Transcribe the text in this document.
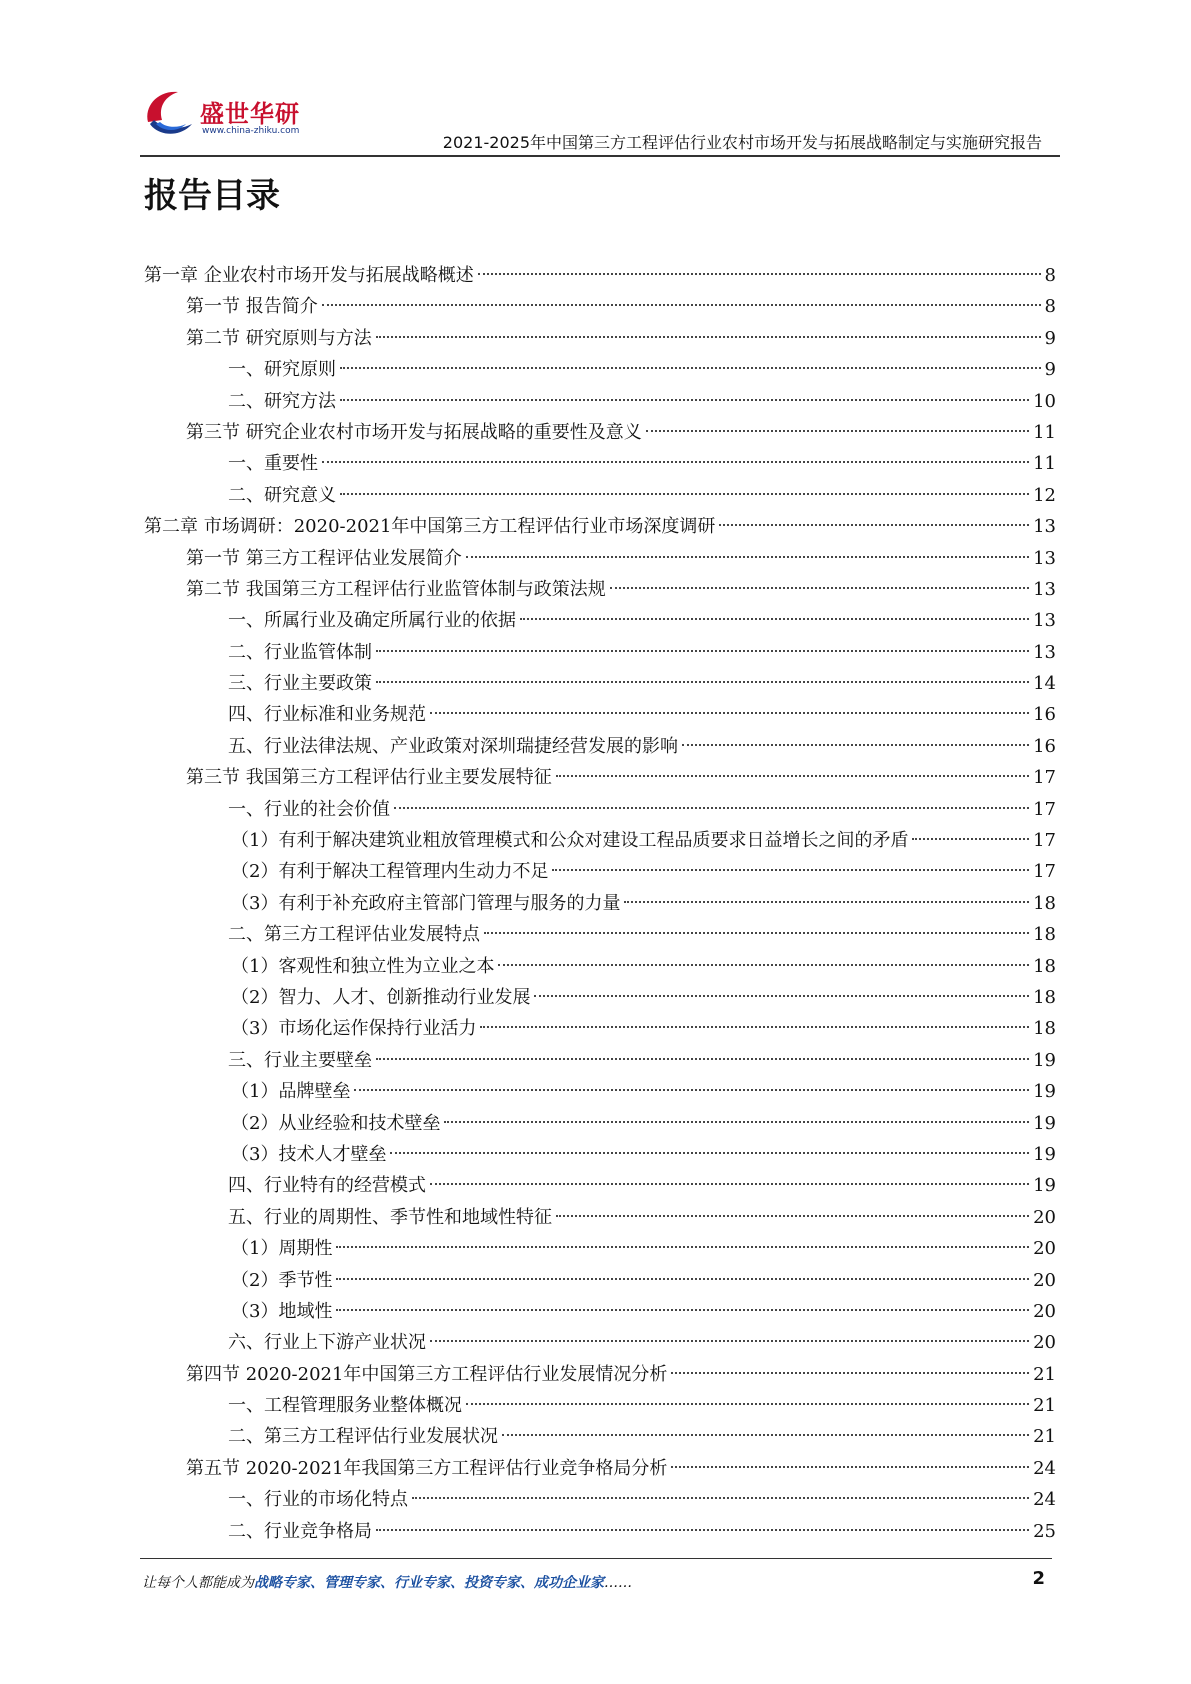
盛世华研
www.china-zhiku.com
2021-2025年中国第三方工程评估行业农村市场开发与拓展战略制定与实施研究报告
报告目录
第一章 企业农村市场开发与拓展战略概述	8
第一节 报告简介	8
第二节 研究原则与方法	9
一、研究原则	9
二、研究方法	10
第三节 研究企业农村市场开发与拓展战略的重要性及意义	11
一、重要性	11
二、研究意义	12
第二章 市场调研：2020-2021年中国第三方工程评估行业市场深度调研	13
第一节 第三方工程评估业发展简介	13
第二节 我国第三方工程评估行业监管体制与政策法规	13
一、所属行业及确定所属行业的依据	13
二、行业监管体制	13
三、行业主要政策	14
四、行业标准和业务规范	16
五、行业法律法规、产业政策对深圳瑞捷经营发展的影响	16
第三节 我国第三方工程评估行业主要发展特征	17
一、行业的社会价值	17
（1）有利于解决建筑业粗放管理模式和公众对建设工程品质要求日益增长之间的矛盾	17
（2）有利于解决工程管理内生动力不足	17
（3）有利于补充政府主管部门管理与服务的力量	18
二、第三方工程评估业发展特点	18
（1）客观性和独立性为立业之本	18
（2）智力、人才、创新推动行业发展	18
（3）市场化运作保持行业活力	18
三、行业主要壁垒	19
（1）品牌壁垒	19
（2）从业经验和技术壁垒	19
（3）技术人才壁垒	19
四、行业特有的经营模式	19
五、行业的周期性、季节性和地域性特征	20
（1）周期性	20
（2）季节性	20
（3）地域性	20
六、行业上下游产业状况	20
第四节 2020-2021年中国第三方工程评估行业发展情况分析	21
一、工程管理服务业整体概况	21
二、第三方工程评估行业发展状况	21
第五节 2020-2021年我国第三方工程评估行业竞争格局分析	24
一、行业的市场化特点	24
二、行业竞争格局	25
让每个人都能成为战略专家、管理专家、行业专家、投资专家、成功企业家……	2
